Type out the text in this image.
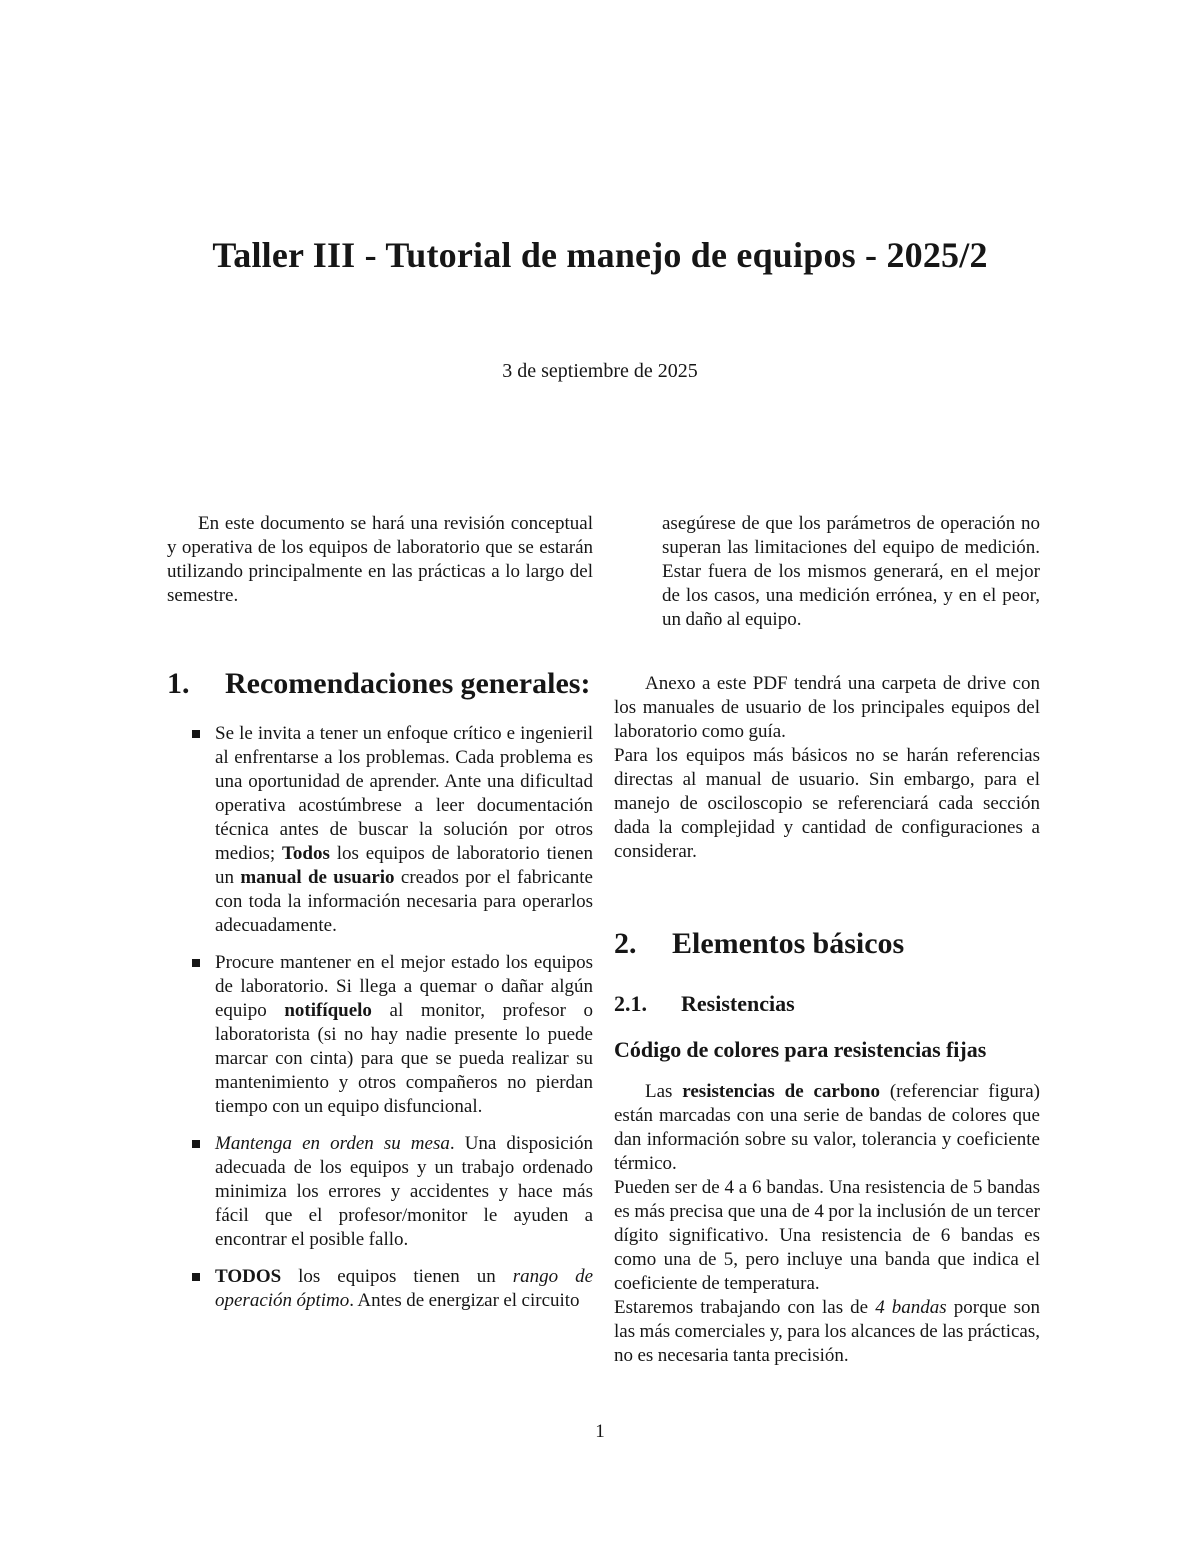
Taller III - Tutorial de manejo de equipos - 2025/2
3 de septiembre de 2025

En este documento se hará una revisión conceptual y operativa de los equipos de laboratorio que se estarán utilizando principalmente en las prácticas a lo largo del semestre.

1.	Recomendaciones generales:
Se le invita a tener un enfoque crítico e ingenieril al enfrentarse a los problemas. Cada problema es una oportunidad de aprender. Ante una dificultad operativa acostúmbrese a leer documentación técnica antes de buscar la solución por otros medios; Todos los equipos de laboratorio tienen un manual de usuario creados por el fabricante con toda la información necesaria para operarlos adecuadamente.
Procure mantener en el mejor estado los equipos de laboratorio. Si llega a quemar o dañar algún equipo notifíquelo al monitor, profesor o laboratorista (si no hay nadie presente lo puede marcar con cinta) para que se pueda realizar su mantenimiento y otros compañeros no pierdan tiempo con un equipo disfuncional.
Mantenga en orden su mesa. Una disposición adecuada de los equipos y un trabajo ordenado minimiza los errores y accidentes y hace más fácil que el profesor/monitor le ayuden a encontrar el posible fallo.
TODOS los equipos tienen un rango de operación óptimo. Antes de energizar el circuito

asegúrese de que los parámetros de operación no superan las limitaciones del equipo de medición. Estar fuera de los mismos generará, en el mejor de los casos, una medición errónea, y en el peor, un daño al equipo.

Anexo a este PDF tendrá una carpeta de drive con los manuales de usuario de los principales equipos del laboratorio como guía.

Para los equipos más básicos no se harán referencias directas al manual de usuario. Sin embargo, para el manejo de osciloscopio se referenciará cada sección dada la complejidad y cantidad de configuraciones a considerar.

2.	Elementos básicos
2.1.	Resistencias
Código de colores para resistencias fijas

Las resistencias de carbono (referenciar figura) están marcadas con una serie de bandas de colores que dan información sobre su valor, tolerancia y coeficiente térmico.

Pueden ser de 4 a 6 bandas. Una resistencia de 5 bandas es más precisa que una de 4 por la inclusión de un tercer dígito significativo. Una resistencia de 6 bandas es como una de 5, pero incluye una banda que indica el coeficiente de temperatura.

Estaremos trabajando con las de 4 bandas porque son las más comerciales y, para los alcances de las prácticas, no es necesaria tanta precisión.

1
